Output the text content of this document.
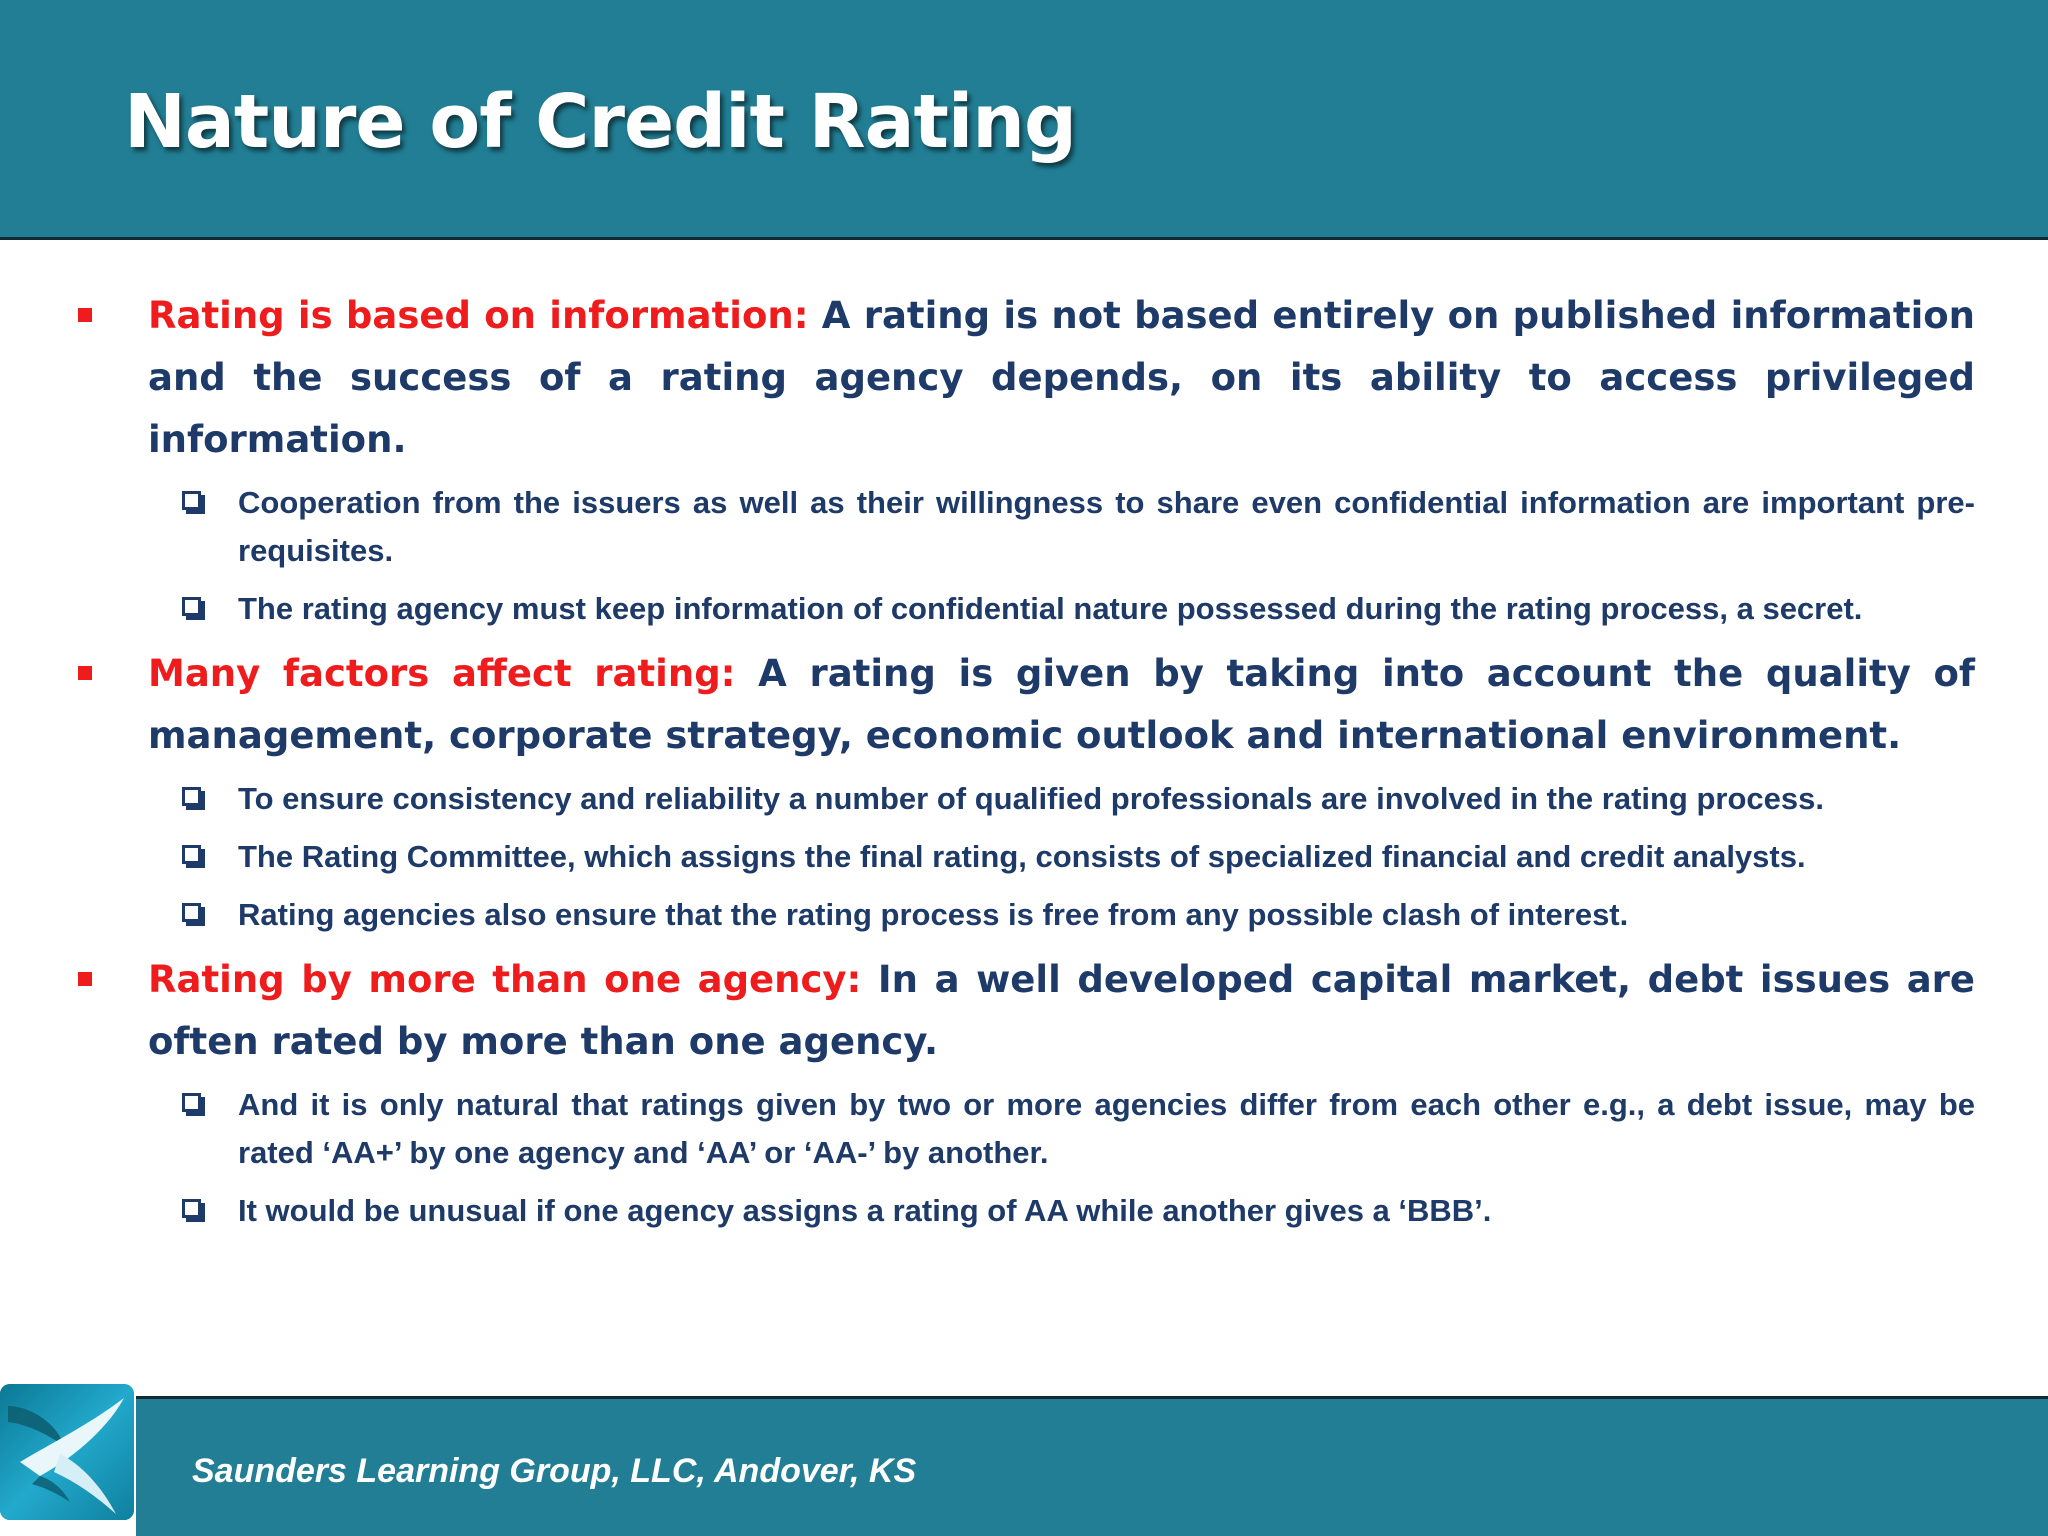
Nature of Credit Rating
Rating is based on information: A rating is not based entirely on published information and the success of a rating agency depends, on its ability to access privileged information.
Cooperation from the issuers as well as their willingness to share even confidential information are important pre-requisites.
The rating agency must keep information of confidential nature possessed during the rating process, a secret.
Many factors affect rating: A rating is given by taking into account the quality of management, corporate strategy, economic outlook and international environment.
To ensure consistency and reliability a number of qualified professionals are involved in the rating process.
The Rating Committee, which assigns the final rating, consists of specialized financial and credit analysts.
Rating agencies also ensure that the rating process is free from any possible clash of interest.
Rating by more than one agency: In a well developed capital market, debt issues are often rated by more than one agency.
And it is only natural that ratings given by two or more agencies differ from each other e.g., a debt issue, may be rated ‘AA+’ by one agency and ‘AA’ or ‘AA-’ by another.
It would be unusual if one agency assigns a rating of AA while another gives a ‘BBB’.
Saunders Learning Group, LLC, Andover, KS
